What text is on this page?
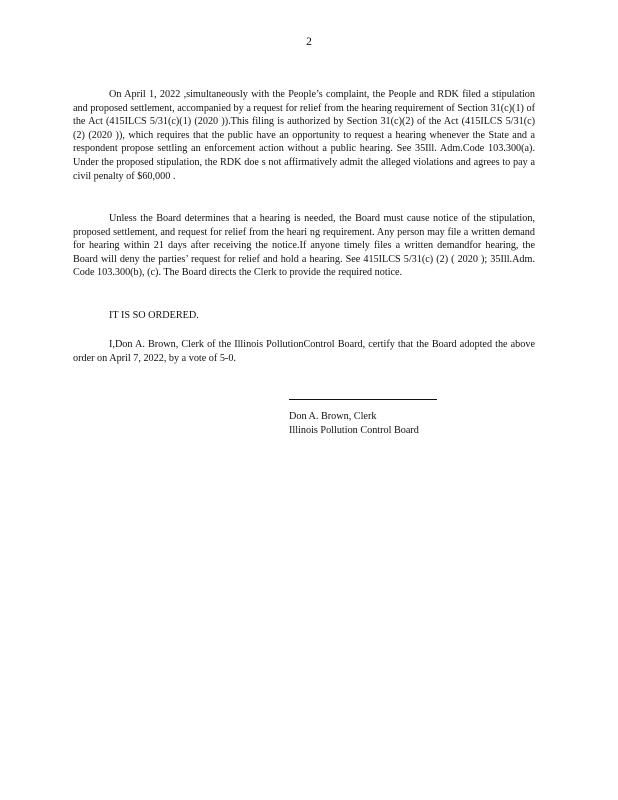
2

On April 1, 2022 ,simultaneously with the People’s complaint, the People and RDK filed a stipulation and proposed settlement, accompanied by a request for relief from the hearing requirement of Section 31(c)(1) of the Act (415ILCS 5/31(c)(1) (2020 )).This filing is authorized by Section 31(c)(2) of the Act (415ILCS 5/31(c)(2) (2020 )), which requires that the public have an opportunity to request a hearing whenever the State and a respondent propose settling an enforcement action without a public hearing. See 35Ill. Adm.Code 103.300(a). Under the proposed stipulation, the RDK doe s not affirmatively admit the alleged violations and agrees to pay a civil penalty of $60,000 .

Unless the Board determines that a hearing is needed, the Board must cause notice of the stipulation, proposed settlement, and request for relief from the heari ng requirement. Any person may file a written demand for hearing within 21 days after receiving the notice.If anyone timely files a written demandfor hearing, the Board will deny the parties’ request for relief and hold a hearing. See 415ILCS 5/31(c) (2) ( 2020 ); 35Ill.Adm. Code 103.300(b), (c). The Board directs the Clerk to provide the required notice.

IT IS SO ORDERED.

I,Don A. Brown, Clerk of the Illinois PollutionControl Board, certify that the Board adopted the above order on April 7, 2022, by a vote of 5-0.

Don A. Brown, Clerk
Illinois Pollution Control Board
